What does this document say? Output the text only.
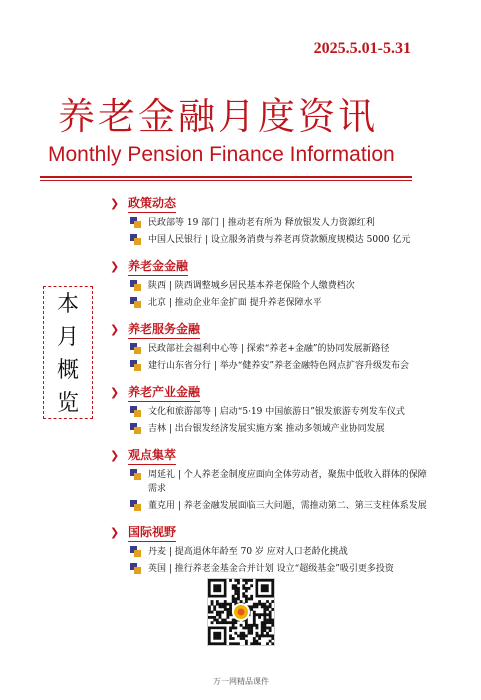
2025.5.01-5.31
养老金融月度资讯
Monthly Pension Finance Information
本
月
概
览
❯ 政策动态
民政部等 19 部门 | 推动老有所为 释放银发人力资源红利
中国人民银行 | 设立服务消费与养老再贷款额度规模达 5000 亿元
❯ 养老金金融
陕西 | 陕西调整城乡居民基本养老保险个人缴费档次
北京 | 推动企业年金扩面 提升养老保障水平
❯ 养老服务金融
民政部社会福利中心等 | 探索“养老+金融”的协同发展新路径
建行山东省分行 | 举办“健养安”养老金融特色网点扩容升级发布会
❯ 养老产业金融
文化和旅游部等 | 启动“5·19 中国旅游日”银发旅游专列发车仪式
吉林 | 出台银发经济发展实施方案 推动多领域产业协同发展
❯ 观点集萃
周延礼 | 个人养老金制度应面向全体劳动者，聚焦中低收入群体的保障需求
董克用 | 养老金融发展面临三大问题，需推动第二、第三支柱体系发展
❯ 国际视野
丹麦 | 提高退休年龄至 70 岁 应对人口老龄化挑战
英国 | 推行养老金基金合并计划 设立“超级基金”吸引更多投资
万一网精品课件
